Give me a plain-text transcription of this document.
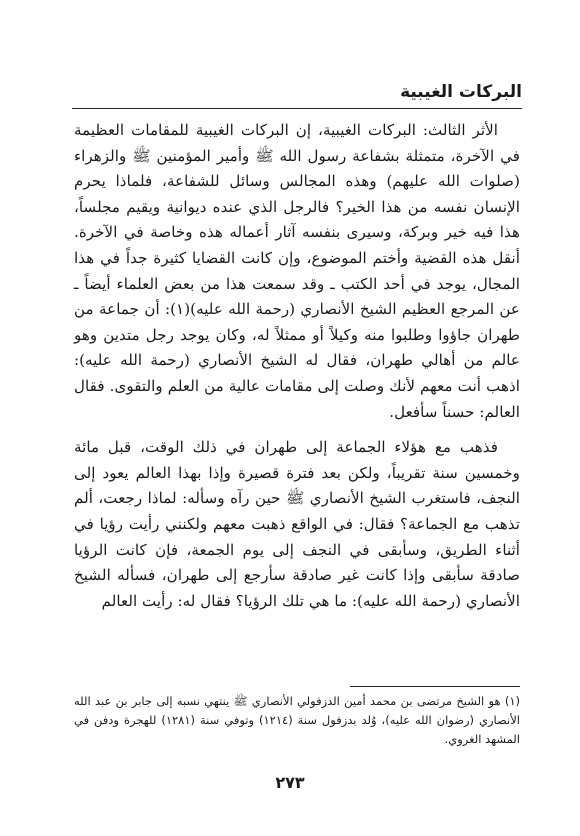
البركات الغيبية

الأثر الثالث: البركات الغيبية، إن البركات الغيبية للمقامات العظيمة في الآخرة، متمثلة بشفاعة رسول الله ﷺ وأمير المؤمنين ﷺ والزهراء (صلوات الله عليهم) وهذه المجالس وسائل للشفاعة، فلماذا يحرم الإنسان نفسه من هذا الخير؟ فالرجل الذي عنده ديوانية ويقيم مجلساً، هذا فيه خير وبركة، وسيرى بنفسه آثار أعماله هذه وخاصة في الآخرة. أنقل هذه القضية وأختم الموضوع، وإن كانت القضايا كثيرة جداً في هذا المجال، يوجد في أحد الكتب ـ وقد سمعت هذا من بعض العلماء أيضاً ـ عن المرجع العظيم الشيخ الأنصاري (رحمة الله عليه)(١): أن جماعة من طهران جاؤوا وطلبوا منه وكيلاً أو ممثلاً له، وكان يوجد رجل متدين وهو عالم من أهالي طهران، فقال له الشيخ الأنصاري (رحمة الله عليه): اذهب أنت معهم لأنك وصلت إلى مقامات عالية من العلم والتقوى. فقال العالم: حسناً سأفعل.

فذهب مع هؤلاء الجماعة إلى طهران في ذلك الوقت، قبل مائة وخمسين سنة تقريباً، ولكن بعد فترة قصيرة وإذا بهذا العالم يعود إلى النجف، فاستغرب الشيخ الأنصاري ﷺ حين رآه وسأله: لماذا رجعت، ألم تذهب مع الجماعة؟ فقال: في الواقع ذهبت معهم ولكنني رأيت رؤيا في أثناء الطريق، وسأبقى في النجف إلى يوم الجمعة، فإن كانت الرؤيا صادقة سأبقى وإذا كانت غير صادقة سأرجع إلى طهران، فسأله الشيخ الأنصاري (رحمة الله عليه): ما هي تلك الرؤيا؟ فقال له: رأيت العالم

(١) هو الشيخ مرتضى بن محمد أمين الدزفولي الأنصاري ﷺ ينتهي نسبه إلى جابر بن عبد الله الأنصاري (رضوان الله عليه)، وُلد بدزفول سنة (١٢١٤) وتوفي سنة (١٢٨١) للهجرة ودفن في المشهد الغروي.

٢٧٣
